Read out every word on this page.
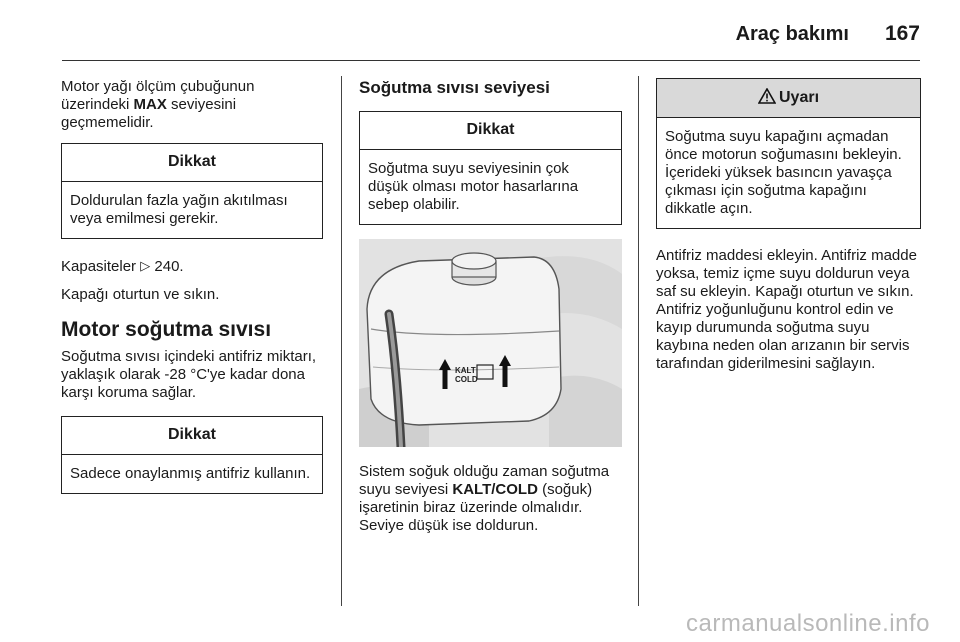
Araç bakımı 167

Motor yağı ölçüm çubuğunun
üzerindeki MAX seviyesini
geçmemelidir.

Dikkat
Doldurulan fazla yağın akıtılması veya emilmesi gerekir.

Kapasiteler ▷ 240.

Kapağı oturtun ve sıkın.

Motor soğutma sıvısı

Soğutma sıvısı içindeki antifriz miktarı, yaklaşık olarak -28 °C'ye kadar dona karşı koruma sağlar.

Dikkat
Sadece onaylanmış antifriz kullanın.
Soğutma sıvısı seviyesi
Dikkat
Soğutma suyu seviyesinin çok düşük olması motor hasarlarına sebep olabilir.
KALT
COLD

Sistem soğuk olduğu zaman soğutma suyu seviyesi KALT/COLD (soğuk) işaretinin biraz üzerinde olmalıdır. Seviye düşük ise doldurun.

Uyarı
Soğutma suyu kapağını açmadan önce motorun soğumasını bekleyin. İçerideki yüksek basıncın yavaşça çıkması için soğutma kapağını dikkatle açın.

Antifriz maddesi ekleyin. Antifriz madde yoksa, temiz içme suyu doldurun veya saf su ekleyin. Kapağı oturtun ve sıkın. Antifriz yoğunluğunu kontrol edin ve kayıp durumunda soğutma suyu kaybına neden olan arızanın bir servis tarafından giderilmesini sağlayın.

carmanualsonline.info
